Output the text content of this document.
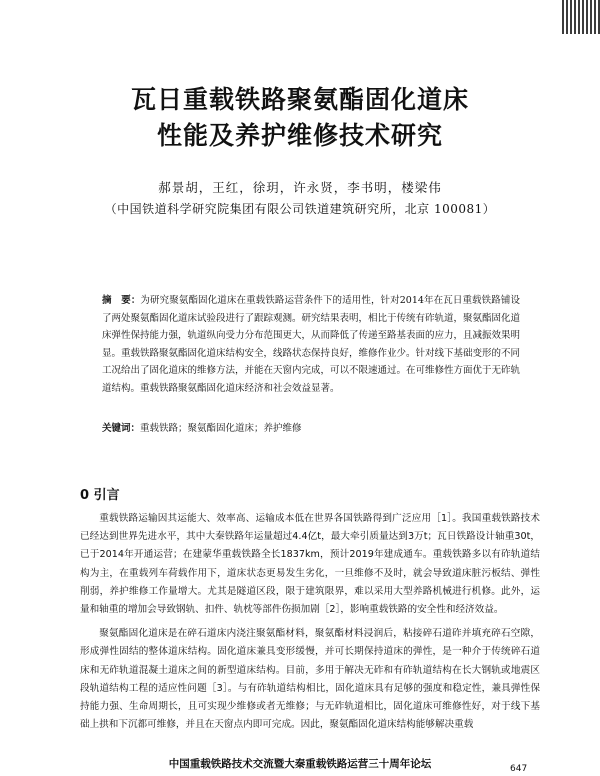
瓦日重载铁路聚氨酯固化道床
性能及养护维修技术研究
郝景胡，王红，徐玥，许永贤，李书明，楼梁伟
（中国铁道科学研究院集团有限公司铁道建筑研究所，北京 100081）
摘　要：为研究聚氨酯固化道床在重载铁路运营条件下的适用性，针对2014年在瓦日重载铁路铺设了两处聚氨酯固化道床试验段进行了跟踪观测。研究结果表明，相比于传统有砟轨道，聚氨酯固化道床弹性保持能力强，轨道纵向受力分布范围更大，从而降低了传递至路基表面的应力，且减振效果明显。重载铁路聚氨酯固化道床结构安全，线路状态保持良好，维修作业少。针对线下基础变形的不同工况给出了固化道床的维修方法，并能在天窗内完成，可以不限速通过。在可维修性方面优于无砟轨道结构。重载铁路聚氨酯固化道床经济和社会效益显著。
关键词：重载铁路；聚氨酯固化道床；养护维修
0 引言

重载铁路运输因其运能大、效率高、运输成本低在世界各国铁路得到广泛应用［1］。我国重载铁路技术已经达到世界先进水平，其中大秦铁路年运量超过4.4亿t，最大牵引质量达到3万t；瓦日铁路设计轴重30t，已于2014年开通运营；在建蒙华重载铁路全长1837km，预计2019年建成通车。重载铁路多以有砟轨道结构为主，在重载列车荷载作用下，道床状态更易发生劣化，一旦维修不及时，就会导致道床脏污板结、弹性削弱，养护维修工作量增大。尤其是隧道区段，限于建筑限界，难以采用大型养路机械进行机修。此外，运量和轴重的增加会导致钢轨、扣件、轨枕等部件伤损加剧［2］，影响重载铁路的安全性和经济效益。

聚氨酯固化道床是在碎石道床内浇注聚氨酯材料，聚氨酯材料浸润后，粘接碎石道砟并填充碎石空隙，形成弹性固结的整体道床结构。固化道床兼具变形缓慢，并可长期保持道床的弹性，是一种介于传统碎石道床和无砟轨道混凝土道床之间的新型道床结构。目前，多用于解决无砟和有砟轨道结构在长大钢轨或地震区段轨道结构工程的适应性问题［3］。与有砟轨道结构相比，固化道床具有足够的强度和稳定性，兼具弹性保持能力强、生命周期长，且可实现少维修或者无维修；与无砟轨道相比，固化道床可维修性好，对于线下基础上拱和下沉都可维修，并且在天窗点内即可完成。因此，聚氨酯固化道床结构能够解决重载

中国重载铁路技术交流暨大秦重载铁路运营三十周年论坛	647
